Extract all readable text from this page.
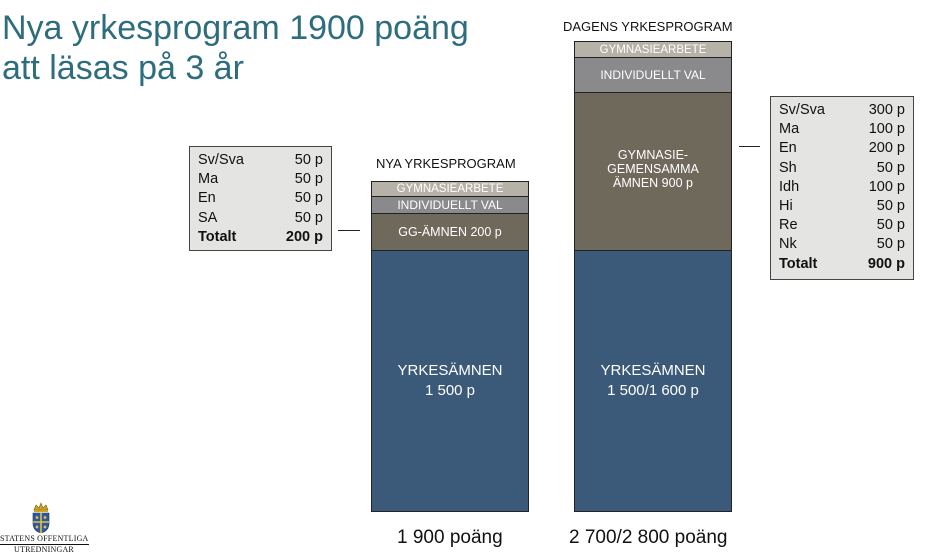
Nya yrkesprogram 1900 poäng
att läsas på 3 år
NYA YRKESPROGRAM
GYMNASIEARBETE
INDIVIDUELLT VAL
GG-ÄMNEN 200 p
YRKESÄMNEN
1 500 p
1 900 poäng
Sv/Sva	50 p
Ma	50 p
En	50 p
SA	50 p
Totalt	200 p
DAGENS YRKESPROGRAM
GYMNASIEARBETE
INDIVIDUELLT VAL
GYMNASIE-
GEMENSAMMA
ÄMNEN 900 p
YRKESÄMNEN
1 500/1 600 p
2 700/2 800 poäng
Sv/Sva	300 p
Ma	100 p
En	200 p
Sh	50 p
Idh	100 p
Hi	50 p
Re	50 p
Nk	50 p
Totalt	900 p
STATENS OFFENTLIGA
UTREDNINGAR
